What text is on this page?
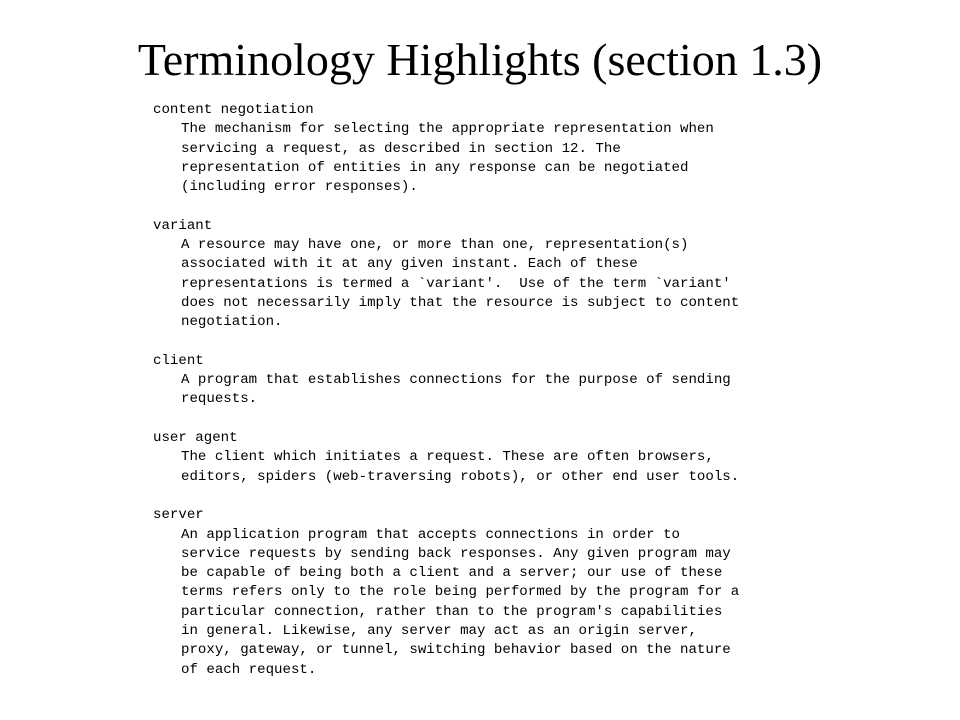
Terminology Highlights (section 1.3)
content negotiation
The mechanism for selecting the appropriate representation when
servicing a request, as described in section 12. The
representation of entities in any response can be negotiated
(including error responses).
variant
A resource may have one, or more than one, representation(s)
associated with it at any given instant. Each of these
representations is termed a `variant'.  Use of the term `variant'
does not necessarily imply that the resource is subject to content
negotiation.
client
A program that establishes connections for the purpose of sending
requests.
user agent
The client which initiates a request. These are often browsers,
editors, spiders (web-traversing robots), or other end user tools.
server
An application program that accepts connections in order to
service requests by sending back responses. Any given program may
be capable of being both a client and a server; our use of these
terms refers only to the role being performed by the program for a
particular connection, rather than to the program's capabilities
in general. Likewise, any server may act as an origin server,
proxy, gateway, or tunnel, switching behavior based on the nature
of each request.
